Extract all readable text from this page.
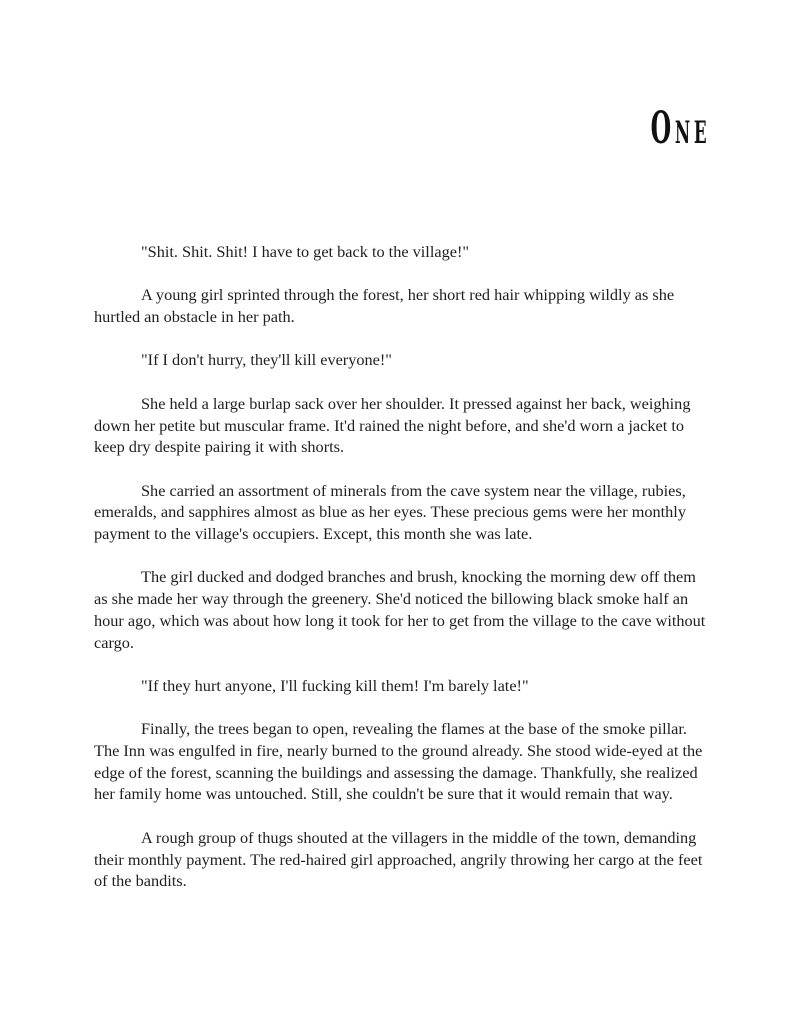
One

"Shit. Shit. Shit! I have to get back to the village!"

A young girl sprinted through the forest, her short red hair whipping wildly as she hurtled an obstacle in her path.

"If I don't hurry, they'll kill everyone!"

She held a large burlap sack over her shoulder. It pressed against her back, weighing down her petite but muscular frame. It'd rained the night before, and she'd worn a jacket to keep dry despite pairing it with shorts.

She carried an assortment of minerals from the cave system near the village, rubies, emeralds, and sapphires almost as blue as her eyes. These precious gems were her monthly payment to the village's occupiers. Except, this month she was late.

The girl ducked and dodged branches and brush, knocking the morning dew off them as she made her way through the greenery. She'd noticed the billowing black smoke half an hour ago, which was about how long it took for her to get from the village to the cave without cargo.

"If they hurt anyone, I'll fucking kill them! I'm barely late!"

Finally, the trees began to open, revealing the flames at the base of the smoke pillar. The Inn was engulfed in fire, nearly burned to the ground already. She stood wide-eyed at the edge of the forest, scanning the buildings and assessing the damage. Thankfully, she realized her family home was untouched. Still, she couldn't be sure that it would remain that way.

A rough group of thugs shouted at the villagers in the middle of the town, demanding their monthly payment. The red-haired girl approached, angrily throwing her cargo at the feet of the bandits.
